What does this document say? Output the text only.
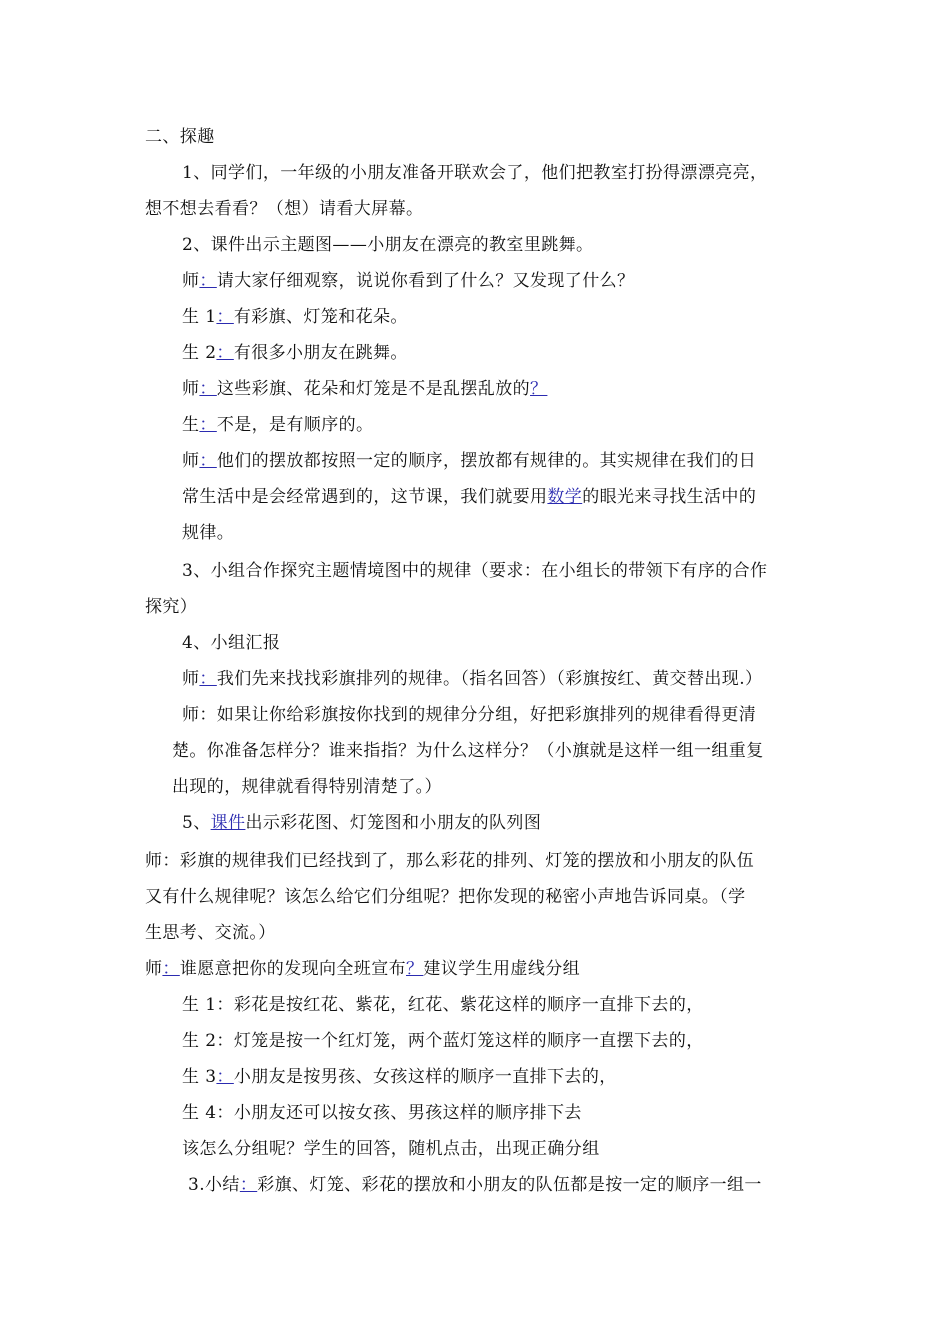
二、探趣
1、同学们，一年级的小朋友准备开联欢会了，他们把教室打扮得漂漂亮亮，
想不想去看看？（想）请看大屏幕。
2、课件出示主题图——小朋友在漂亮的教室里跳舞。
师：请大家仔细观察，说说你看到了什么？又发现了什么？
生 1：有彩旗、灯笼和花朵。
生 2：有很多小朋友在跳舞。
师：这些彩旗、花朵和灯笼是不是乱摆乱放的？
生：不是，是有顺序的。
师：他们的摆放都按照一定的顺序，摆放都有规律的。其实规律在我们的日
常生活中是会经常遇到的，这节课，我们就要用数学的眼光来寻找生活中的
规律。
3、小组合作探究主题情境图中的规律（要求：在小组长的带领下有序的合作
探究）
4、小组汇报
师：我们先来找找彩旗排列的规律。（指名回答）（彩旗按红、黄交替出现.）
师：如果让你给彩旗按你找到的规律分分组，好把彩旗排列的规律看得更清
楚。你准备怎样分？谁来指指？为什么这样分？（小旗就是这样一组一组重复
出现的，规律就看得特别清楚了。）
5、课件出示彩花图、灯笼图和小朋友的队列图
师：彩旗的规律我们已经找到了，那么彩花的排列、灯笼的摆放和小朋友的队伍
又有什么规律呢？该怎么给它们分组呢？把你发现的秘密小声地告诉同桌。（学
生思考、交流。）
师：谁愿意把你的发现向全班宣布？建议学生用虚线分组
生 1：彩花是按红花、紫花，红花、紫花这样的顺序一直排下去的，
生 2：灯笼是按一个红灯笼，两个蓝灯笼这样的顺序一直摆下去的，
生 3：小朋友是按男孩、女孩这样的顺序一直排下去的，
生 4：小朋友还可以按女孩、男孩这样的顺序排下去
该怎么分组呢？学生的回答，随机点击，出现正确分组
3.小结：彩旗、灯笼、彩花的摆放和小朋友的队伍都是按一定的顺序一组一
